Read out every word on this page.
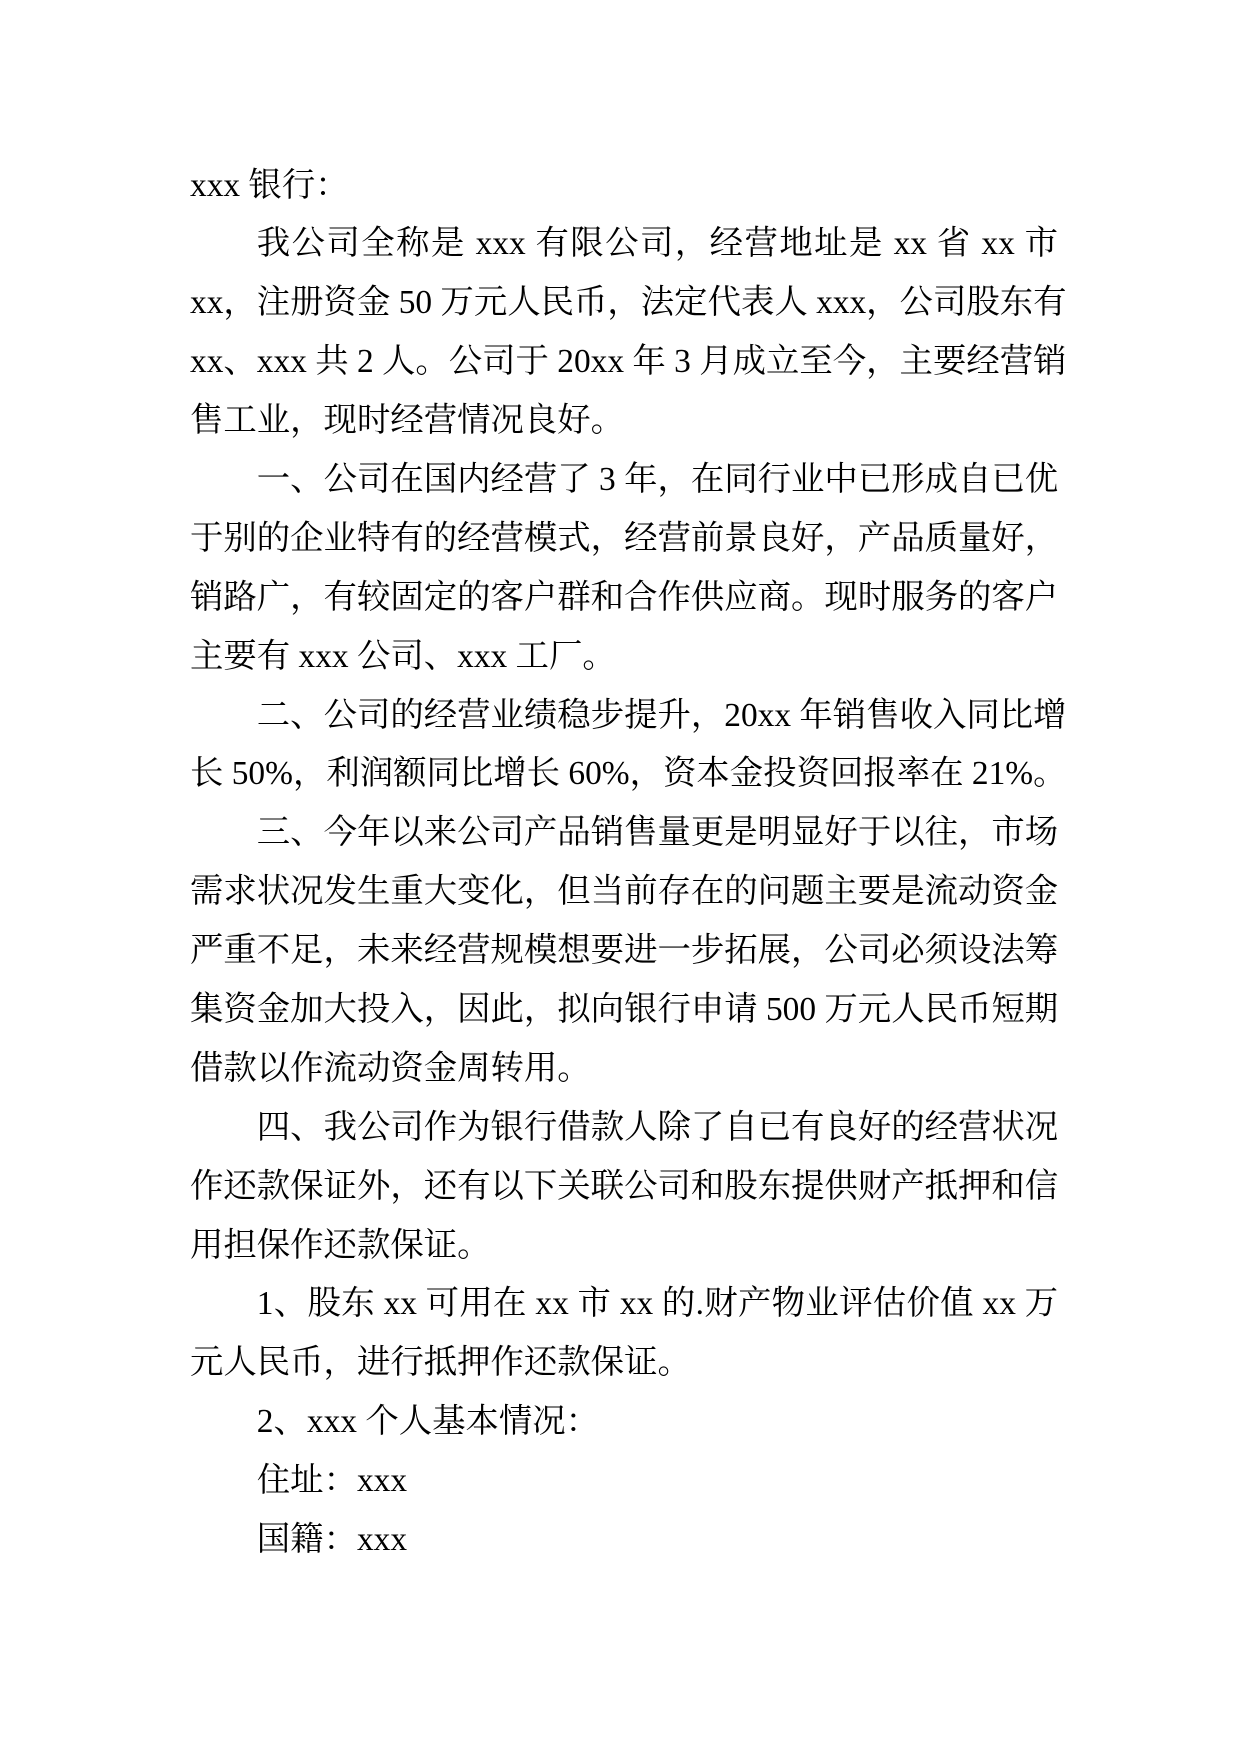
xxx 银行：
我公司全称是 xxx 有限公司，经营地址是 xx 省 xx 市
xx，注册资金 50 万元人民币，法定代表人 xxx，公司股东有
xx、xxx 共 2 人。公司于 20xx 年 3 月成立至今，主要经营销
售工业，现时经营情况良好。
一、公司在国内经营了 3 年，在同行业中已形成自已优
于别的企业特有的经营模式，经营前景良好，产品质量好，
销路广，有较固定的客户群和合作供应商。现时服务的客户
主要有 xxx 公司、xxx 工厂。
二、公司的经营业绩稳步提升，20xx 年销售收入同比增
长 50%，利润额同比增长 60%，资本金投资回报率在 21%。
三、今年以来公司产品销售量更是明显好于以往，市场
需求状况发生重大变化，但当前存在的问题主要是流动资金
严重不足，未来经营规模想要进一步拓展，公司必须设法筹
集资金加大投入，因此，拟向银行申请 500 万元人民币短期
借款以作流动资金周转用。
四、我公司作为银行借款人除了自已有良好的经营状况
作还款保证外，还有以下关联公司和股东提供财产抵押和信
用担保作还款保证。
1、股东 xx 可用在 xx 市 xx 的.财产物业评估价值 xx 万
元人民币，进行抵押作还款保证。
2、xxx 个人基本情况：
住址：xxx
国籍：xxx
